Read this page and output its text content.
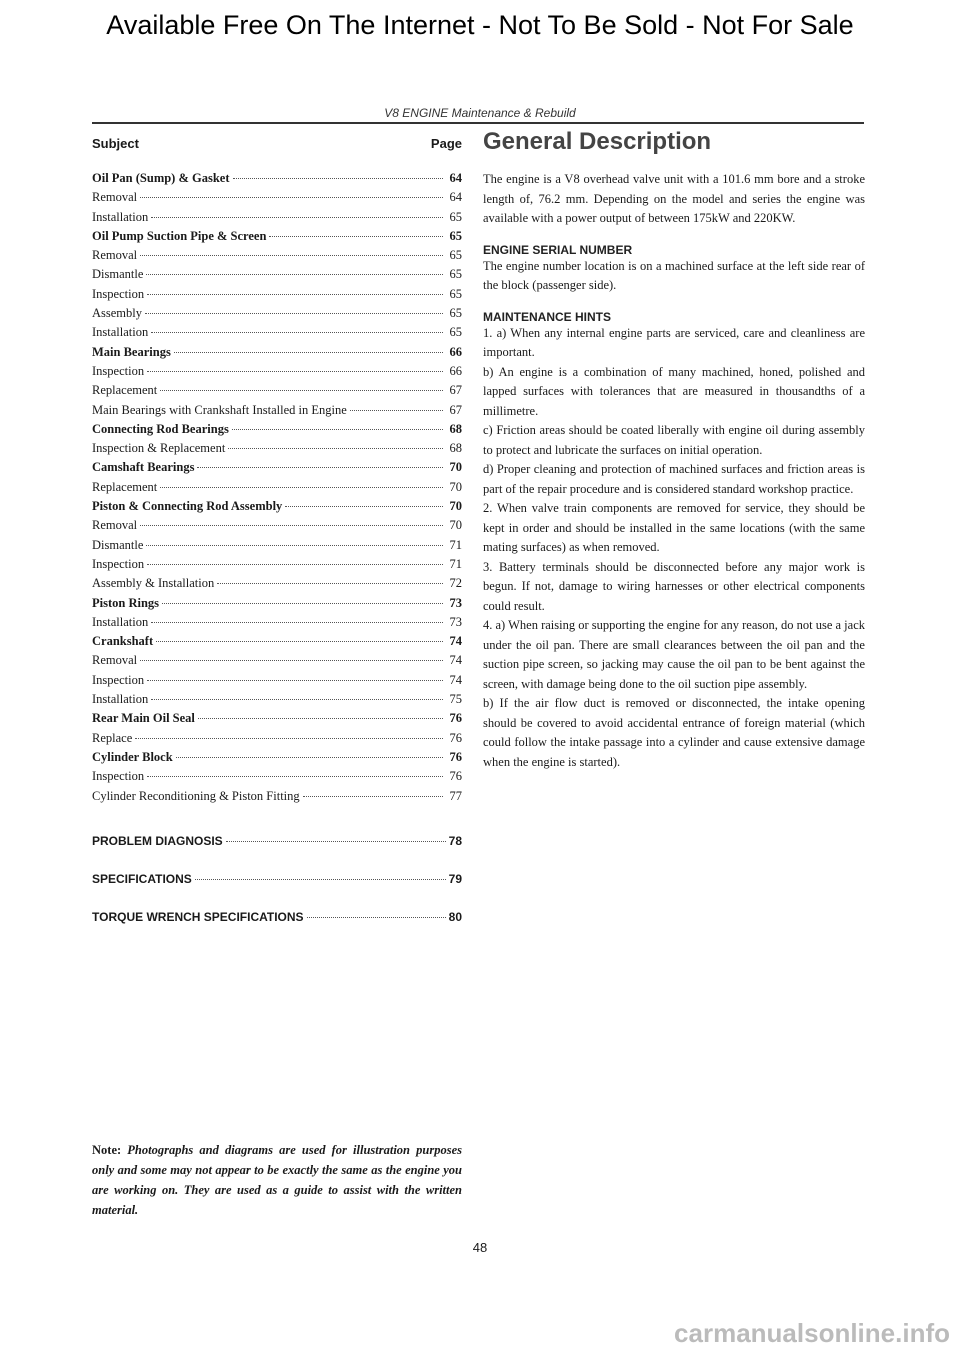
Available Free On The Internet - Not To Be Sold - Not For Sale
V8 ENGINE Maintenance & Rebuild
Subject	Page
Oil Pan (Sump) & Gasket	64
Removal	64
Installation	65
Oil Pump Suction Pipe & Screen	65
Removal	65
Dismantle	65
Inspection	65
Assembly	65
Installation	65
Main Bearings	66
Inspection	66
Replacement	67
Main Bearings with Crankshaft Installed in Engine	67
Connecting Rod Bearings	68
Inspection & Replacement	68
Camshaft Bearings	70
Replacement	70
Piston & Connecting Rod Assembly	70
Removal	70
Dismantle	71
Inspection	71
Assembly & Installation	72
Piston Rings	73
Installation	73
Crankshaft	74
Removal	74
Inspection	74
Installation	75
Rear Main Oil Seal	76
Replace	76
Cylinder Block	76
Inspection	76
Cylinder Reconditioning & Piston Fitting	77
PROBLEM DIAGNOSIS	78
SPECIFICATIONS	79
TORQUE WRENCH SPECIFICATIONS	80
Note: Photographs and diagrams are used for illustration purposes only and some may not appear to be exactly the same as the engine you are working on. They are used as a guide to assist with the written material.
General Description

The engine is a V8 overhead valve unit with a 101.6 mm bore and a stroke length of, 76.2 mm. Depending on the model and series the engine was available with a power output of between 175kW and 220KW.

ENGINE SERIAL NUMBER

The engine number location is on a machined surface at the left side rear of the block (passenger side).

MAINTENANCE HINTS

1. a) When any internal engine parts are serviced, care and cleanliness are important.

b) An engine is a combination of many machined, honed, polished and lapped surfaces with tolerances that are measured in thousandths of a millimetre.

c) Friction areas should be coated liberally with engine oil during assembly to protect and lubricate the surfaces on initial operation.

d) Proper cleaning and protection of machined surfaces and friction areas is part of the repair procedure and is considered standard workshop practice.

2. When valve train components are removed for service, they should be kept in order and should be installed in the same locations (with the same mating surfaces) as when removed.

3. Battery terminals should be disconnected before any major work is begun. If not, damage to wiring harnesses or other electrical components could result.

4. a) When raising or supporting the engine for any reason, do not use a jack under the oil pan. There are small clearances between the oil pan and the suction pipe screen, so jacking may cause the oil pan to be bent against the screen, with damage being done to the oil suction pipe assembly.

b) If the air flow duct is removed or disconnected, the intake opening should be covered to avoid accidental entrance of foreign material (which could follow the intake passage into a cylinder and cause extensive damage when the engine is started).

48
carmanualsonline.info
